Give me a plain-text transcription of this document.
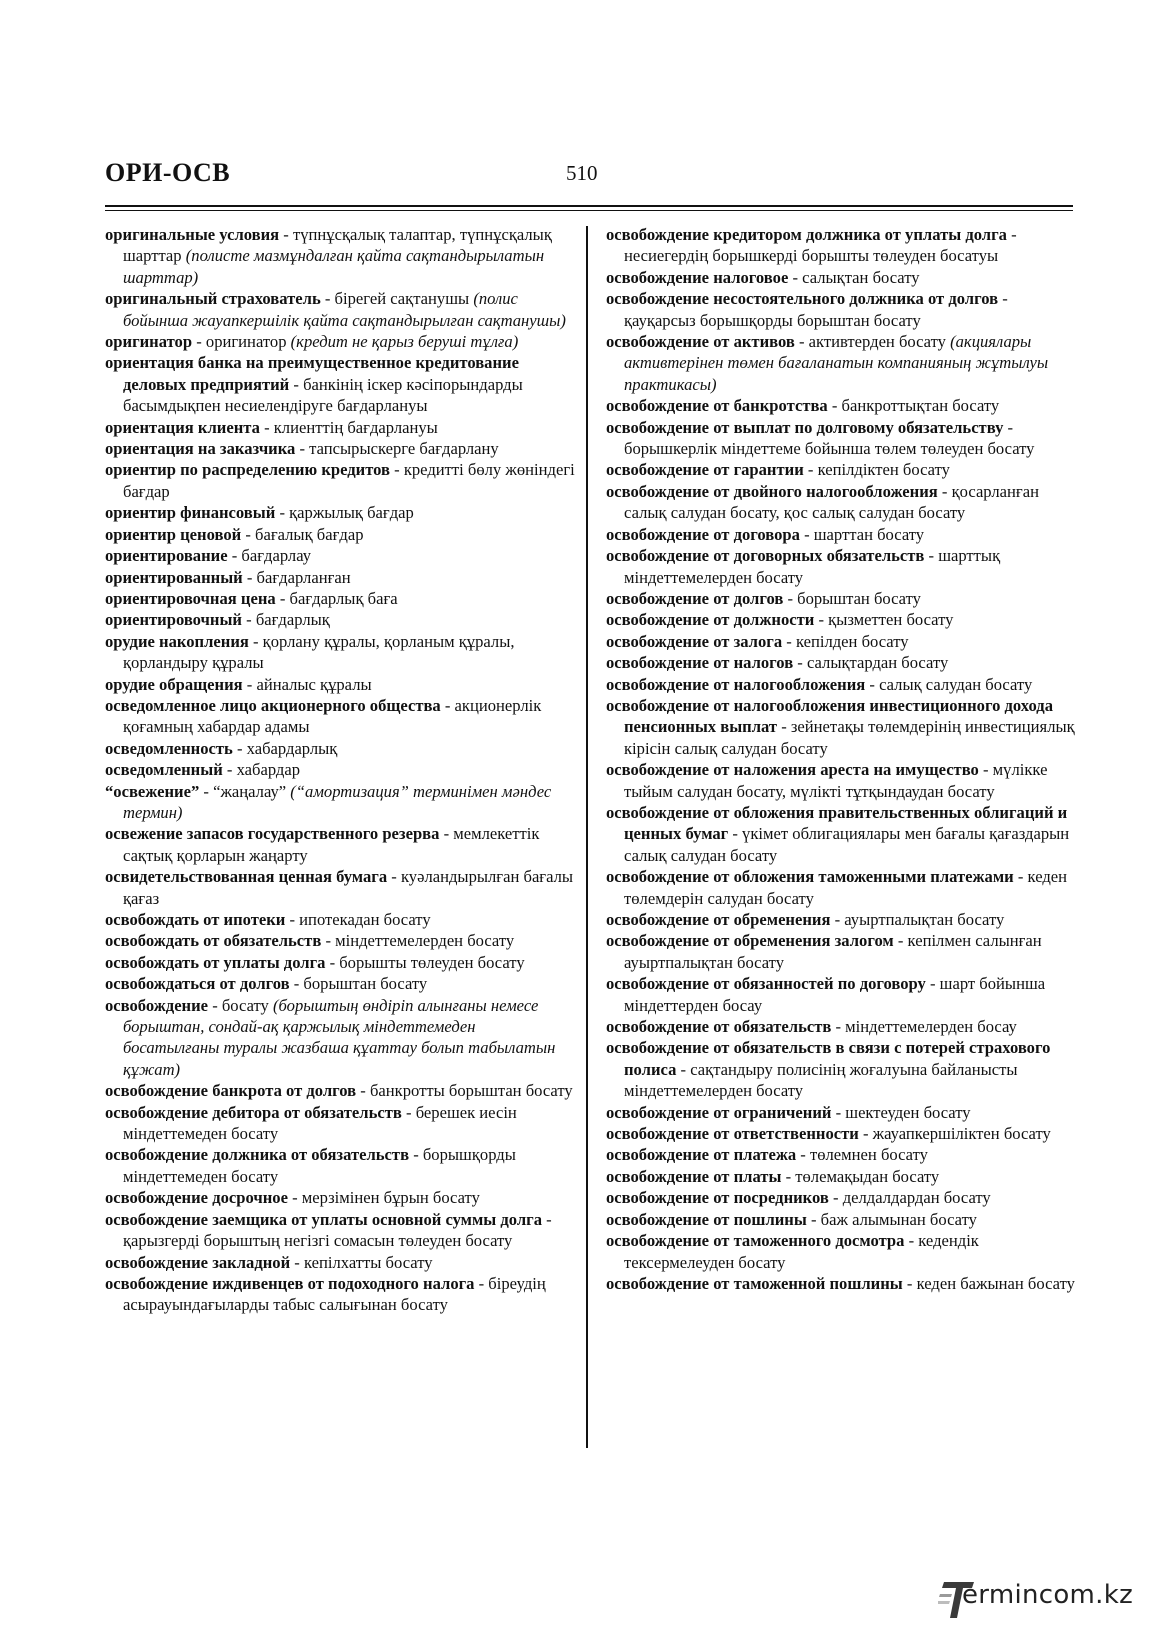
ОРИ-ОСВ	510

оригинальные условия - түпнұсқалық талаптар, түпнұсқалық шарттар (полисте мазмұндалған қайта сақтандырылатын шарттар)

оригинальный страхователь - бірегей сақтанушы (полис бойынша жауапкершілік қайта сақтандырылған сақтанушы)

оригинатор - оригинатор (кредит не қарыз беруші тұлға)

ориентация банка на преимущественное кредитование деловых предприятий - банкінің іскер кәсіпорындарды басымдықпен несиелендіруге бағдарлануы

ориентация клиента - клиенттің бағдарлануы

ориентация на заказчика - тапсырыскерге бағдарлану

ориентир по распределению кредитов - кредитті бөлу жөніндегі бағдар

ориентир финансовый - қаржылық бағдар

ориентир ценовой - бағалық бағдар

ориентирование - бағдарлау

ориентированный - бағдарланған

ориентировочная цена - бағдарлық баға

ориентировочный - бағдарлық

орудие накопления - қорлану құралы, қорланым құралы, қорландыру құралы

орудие обращения - айналыс құралы

осведомленное лицо акционерного общества - акционерлік қоғамның хабардар адамы

осведомленность - хабардарлық

осведомленный - хабардар

“освежение” - “жаңалау” (“амортизация” терминімен мәндес термин)

освежение запасов государственного резерва - мемлекеттік сақтық қорларын жаңарту

освидетельствованная ценная бумага - куәландырылған бағалы қағаз

освобождать от ипотеки - ипотекадан босату

освобождать от обязательств - міндеттемелерден босату

освобождать от уплаты долга - борышты төлеуден босату

освобождаться от долгов - борыштан босату

освобождение - босату (борыштың өндіріп алынғаны немесе борыштан, сондай-ақ қаржылық міндеттемеден босатылғаны туралы жазбаша құаттау болып табылатын құжат)

освобождение банкрота от долгов - банкротты борыштан босату

освобождение дебитора от обязательств - берешек иесін міндеттемеден босату

освобождение должника от обязательств - борышқорды міндеттемеден босату

освобождение досрочное - мерзімінен бұрын босату

освобождение заемщика от уплаты основной суммы долга - қарызгерді борыштың негізгі сомасын төлеуден босату

освобождение закладной - кепілхатты босату

освобождение иждивенцев от подоходного налога - біреудің асырауындағыларды табыс салығынан босату

освобождение кредитором должника от уплаты долга - несиегердің борышкерді борышты төлеуден босатуы

освобождение налоговое - салықтан босату

освобождение несостоятельного должника от долгов - қауқарсыз борышқорды борыштан босату

освобождение от активов - активтерден босату (акциялары активтерінен төмен бағаланатын компанияның жұтылуы практикасы)

освобождение от банкротства - банкроттықтан босату

освобождение от выплат по долговому обязательству - борышкерлік міндеттеме бойынша төлем төлеуден босату

освобождение от гарантии - кепілдіктен босату

освобождение от двойного налогообложения - қосарланған салық салудан босату, қос салық салудан босату

освобождение от договора - шарттан босату

освобождение от договорных обязательств - шарттық міндеттемелерден босату

освобождение от долгов - борыштан босату

освобождение от должности - қызметтен босату

освобождение от залога - кепілден босату

освобождение от налогов - салықтардан босату

освобождение от налогообложения - салық салудан босату

освобождение от налогообложения инвестиционного дохода пенсионных выплат - зейнетақы төлемдерінің инвестициялық кірісін салық салудан босату

освобождение от наложения ареста на имущество - мүлікке тыйым салудан босату, мүлікті тұтқындаудан босату

освобождение от обложения правительственных облигаций и ценных бумаг - үкімет облигациялары мен бағалы қағаздарын салық салудан босату

освобождение от обложения таможенными платежами - кеден төлемдерін салудан босату

освобождение от обременения - ауыртпалықтан босату

освобождение от обременения залогом - кепілмен салынған ауыртпалықтан босату

освобождение от обязанностей по договору - шарт бойынша міндеттерден босау

освобождение от обязательств - міндеттемелерден босау

освобождение от обязательств в связи с потерей страхового полиса - сақтандыру полисінің жоғалуына байланысты міндеттемелерден босату

освобождение от ограничений - шектеуден босату

освобождение от ответственности - жауапкершіліктен босату

освобождение от платежа - төлемнен босату

освобождение от платы - төлемақыдан босату

освобождение от посредников - делдалдардан босату

освобождение от пошлины - баж алымынан босату

освобождение от таможенного досмотра - кедендік тексермелеуден босату

освобождение от таможенной пошлины - кеден бажынан босату

ermincom.kz
